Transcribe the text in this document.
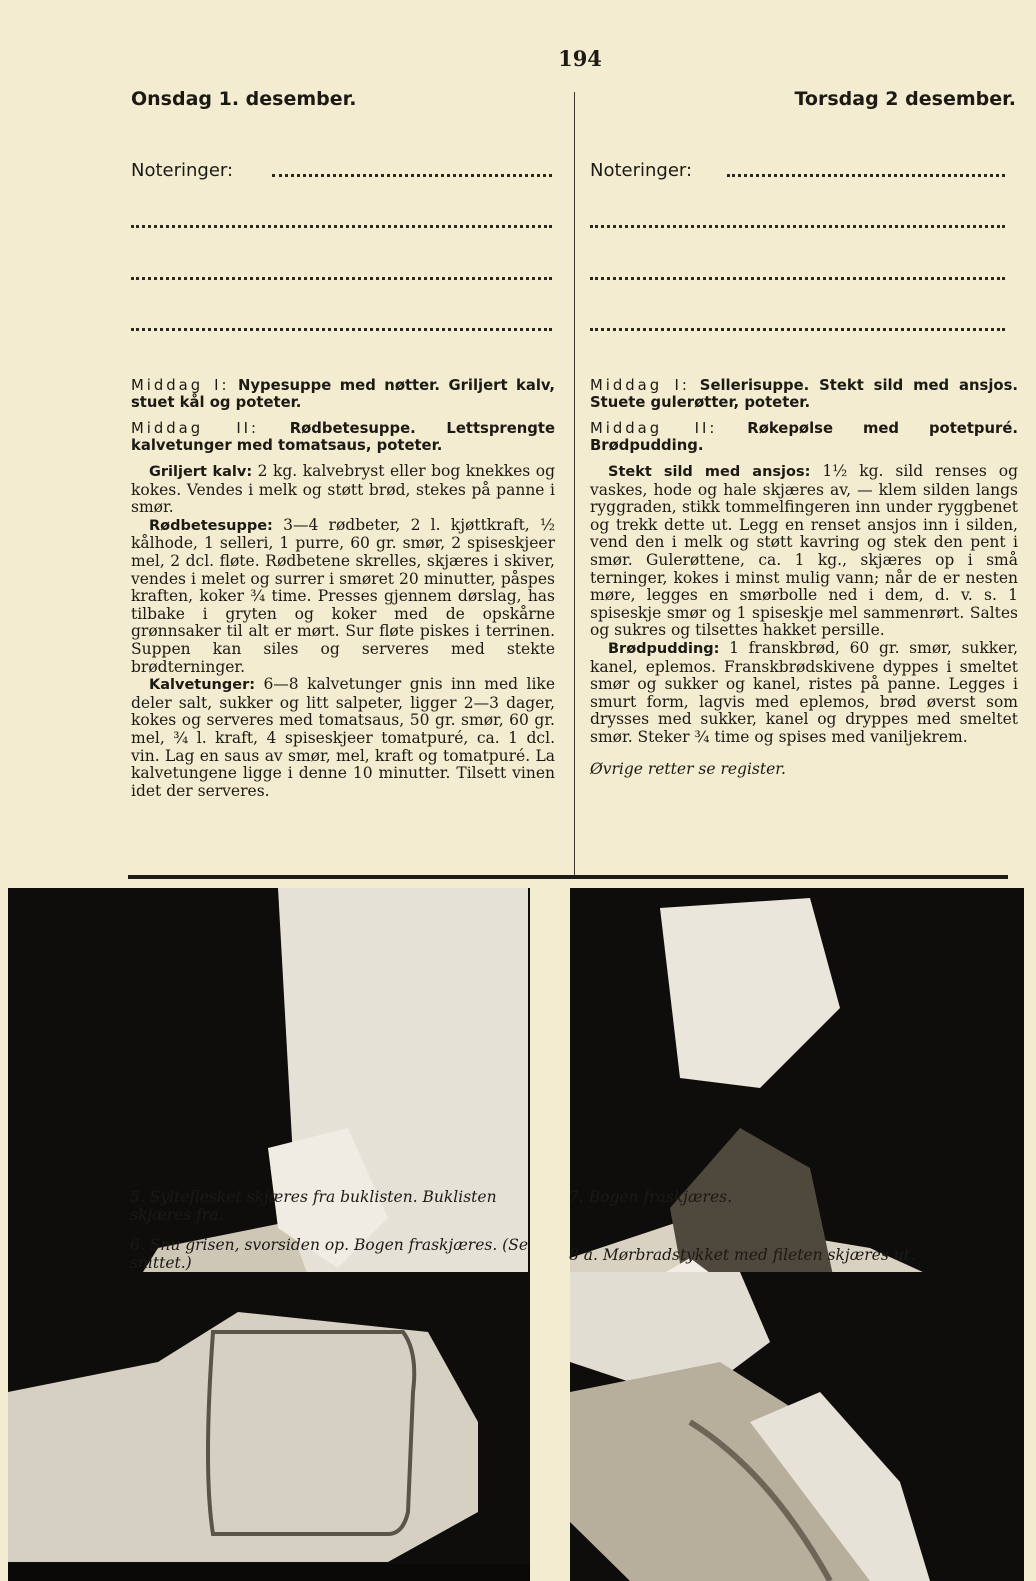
194
Onsdag 1. desember.	Torsdag 2 desember.
Noteringer:	Noteringer:
Middag I: Nypesuppe med nøtter. Griljert kalv, stuet kål og poteter.
Middag II: Rødbetesuppe. Lettsprengte kalvetunger med tomatsaus, poteter.

Griljert kalv: 2 kg. kalvebryst eller bog knekkes og kokes. Vendes i melk og støtt brød, stekes på panne i smør.

Rødbetesuppe: 3—4 rødbeter, 2 l. kjøttkraft, ½ kålhode, 1 selleri, 1 purre, 60 gr. smør, 2 spiseskjeer mel, 2 dcl. fløte. Rødbetene skrelles, skjæres i skiver, vendes i melet og surrer i smøret 20 minutter, påspes kraften, koker ¾ time. Presses gjennem dørslag, has tilbake i gryten og koker med de opskårne grønnsaker til alt er mørt. Sur fløte piskes i terrinen. Suppen kan siles og serveres med stekte brødterninger.

Kalvetunger: 6—8 kalvetunger gnis inn med like deler salt, sukker og litt salpeter, ligger 2—3 dager, kokes og serveres med tomatsaus, 50 gr. smør, 60 gr. mel, ¾ l. kraft, 4 spiseskjeer tomatpuré, ca. 1 dcl. vin. Lag en saus av smør, mel, kraft og tomatpuré. La kalvetungene ligge i denne 10 minutter. Tilsett vinen idet der serveres.

Middag I: Sellerisuppe. Stekt sild med ansjos. Stuete gulerøtter, poteter.
Middag II: Røkepølse med potetpuré. Brødpudding.

Stekt sild med ansjos: 1½ kg. sild renses og vaskes, hode og hale skjæres av, — klem silden langs ryggraden, stikk tommelfingeren inn under ryggbenet og trekk dette ut. Legg en renset ansjos inn i silden, vend den i melk og støtt kavring og stek den pent i smør. Gulerøttene, ca. 1 kg., skjæres op i små terninger, kokes i minst mulig vann; når de er nesten møre, legges en smørbolle ned i dem, d. v. s. 1 spiseskje smør og 1 spiseskje mel sammenrørt. Saltes og sukres og tilsettes hakket persille.

Brødpudding: 1 franskbrød, 60 gr. smør, sukker, kanel, eplemos. Franskbrødskivene dyppes i smeltet smør og sukker og kanel, ristes på panne. Legges i smurt form, lagvis med eplemos, brød øverst som drysses med sukker, kanel og dryppes med smeltet smør. Steker ¾ time og spises med vaniljekrem.

Øvrige retter se register.
5. Sylteflesket skjæres fra buklisten. Buklisten skjæres fra.
6. Snu grisen, svorsiden op. Bogen fraskjæres. (Se snittet.)
7. Bogen fraskjæres.
8 a. Mørbradstykket med fileten skjæres ut.
